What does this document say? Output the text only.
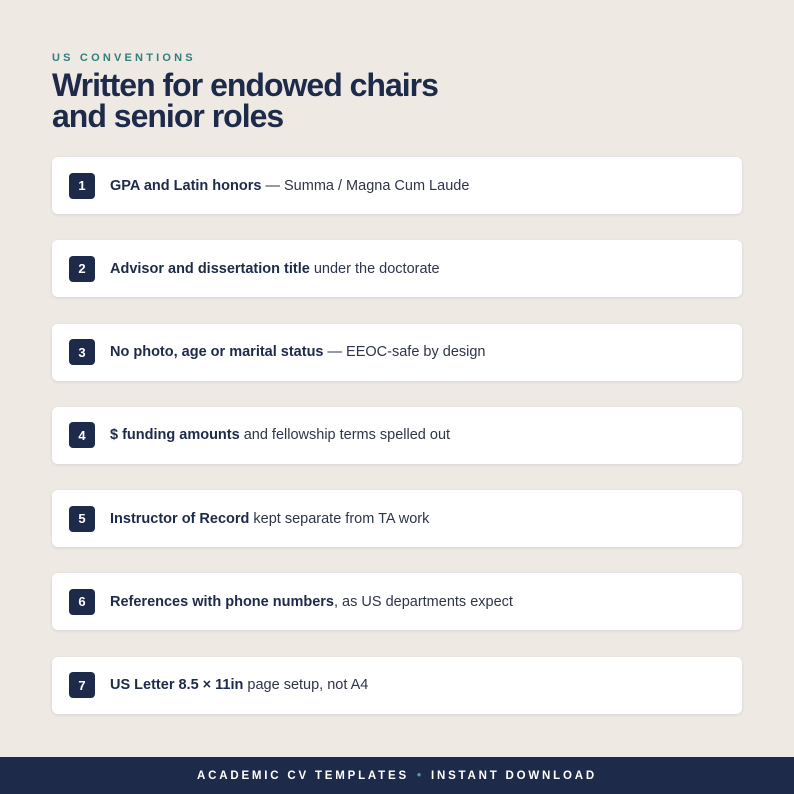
US CONVENTIONS
Written for endowed chairs
and senior roles
1	GPA and Latin honors — Summa / Magna Cum Laude
2	Advisor and dissertation title under the doctorate
3	No photo, age or marital status — EEOC-safe by design
4	$ funding amounts and fellowship terms spelled out
5	Instructor of Record kept separate from TA work
6	References with phone numbers, as US departments expect
7	US Letter 8.5 × 11in page setup, not A4
ACADEMIC CV TEMPLATES • INSTANT DOWNLOAD
